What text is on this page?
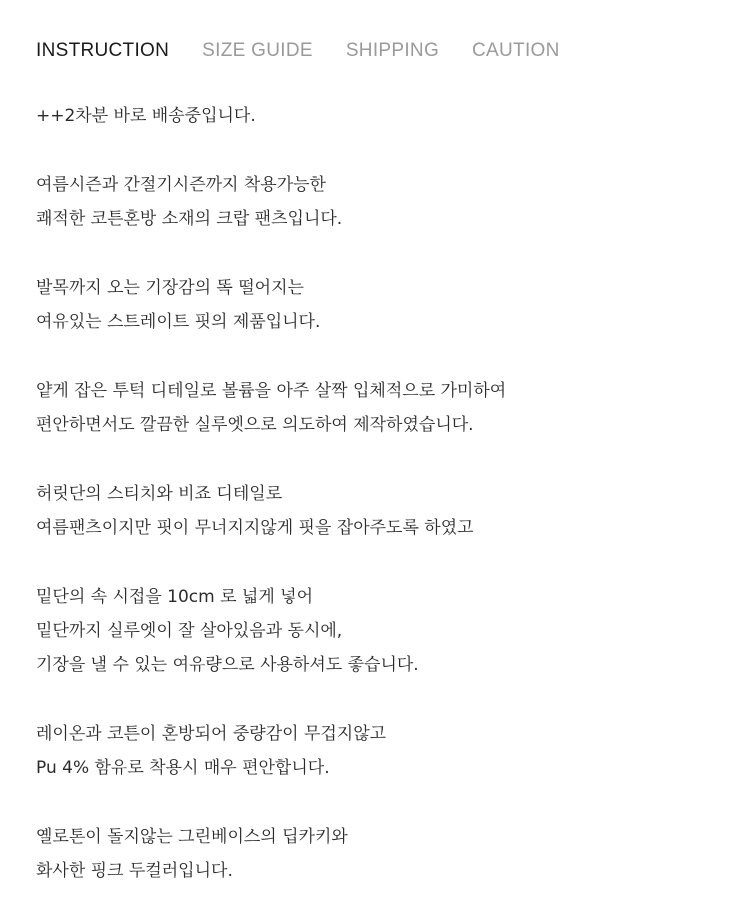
INSTRUCTION SIZE GUIDE SHIPPING CAUTION
++2차분 바로 배송중입니다.
여름시즌과 간절기시즌까지 착용가능한
쾌적한 코튼혼방 소재의 크랍 팬츠입니다.
발목까지 오는 기장감의 똑 떨어지는
여유있는 스트레이트 핏의 제품입니다.
얕게 잡은 투턱 디테일로 볼륨을 아주 살짝 입체적으로 가미하여
편안하면서도 깔끔한 실루엣으로 의도하여 제작하였습니다.
허릿단의 스티치와 비죠 디테일로
여름팬츠이지만 핏이 무너지지않게 핏을 잡아주도록 하였고
밑단의 속 시접을 10cm 로 넓게 넣어
밑단까지 실루엣이 잘 살아있음과 동시에,
기장을 낼 수 있는 여유량으로 사용하셔도 좋습니다.
레이온과 코튼이 혼방되어 중량감이 무겁지않고
Pu 4% 함유로 착용시 매우 편안합니다.
옐로톤이 돌지않는 그린베이스의 딥카키와
화사한 핑크 두컬러입니다.
